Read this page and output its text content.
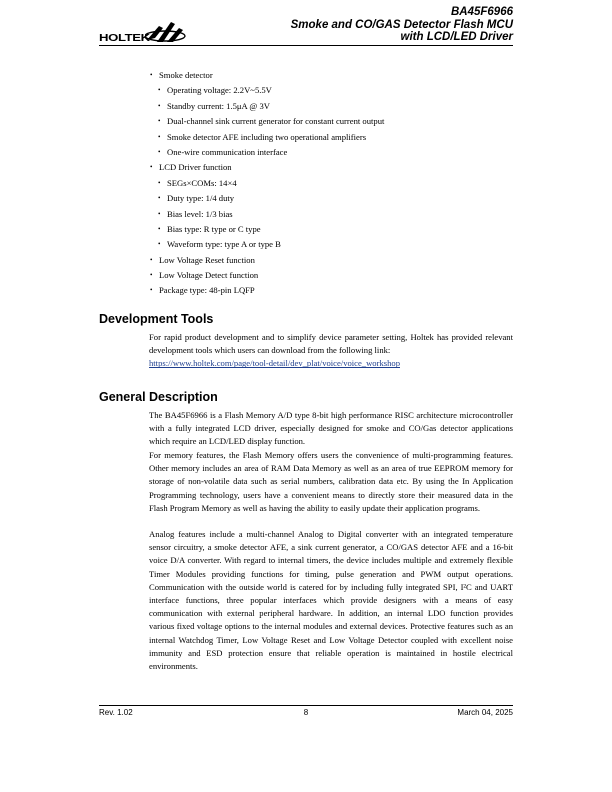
HOLTEK
BA45F6966
Smoke and CO/GAS Detector Flash MCU
with LCD/LED Driver
• Smoke detector
• Operating voltage: 2.2V~5.5V
• Standby current: 1.5μA @ 3V
• Dual-channel sink current generator for constant current output
• Smoke detector AFE including two operational amplifiers
• One-wire communication interface
• LCD Driver function
• SEGs×COMs: 14×4
• Duty type: 1/4 duty
• Bias level: 1/3 bias
• Bias type: R type or C type
• Waveform type: type A or type B
• Low Voltage Reset function
• Low Voltage Detect function
• Package type: 48-pin LQFP
Development Tools
For rapid product development and to simplify device parameter setting, Holtek has provided relevant development tools which users can download from the following link:
https://www.holtek.com/page/tool-detail/dev_plat/voice/voice_workshop
General Description
The BA45F6966 is a Flash Memory A/D type 8-bit high performance RISC architecture microcontroller with a fully integrated LCD driver, especially designed for smoke and CO/Gas detector applications which require an LCD/LED display function.
For memory features, the Flash Memory offers users the convenience of multi-programming features. Other memory includes an area of RAM Data Memory as well as an area of true EEPROM memory for storage of non-volatile data such as serial numbers, calibration data etc. By using the In Application Programming technology, users have a convenient means to directly store their measured data in the Flash Program Memory as well as having the ability to easily update their application programs.
Analog features include a multi-channel Analog to Digital converter with an integrated temperature sensor circuitry, a smoke detector AFE, a sink current generator, a CO/GAS detector AFE and a 16-bit voice D/A converter. With regard to internal timers, the device includes multiple and extremely flexible Timer Modules providing functions for timing, pulse generation and PWM output operations. Communication with the outside world is catered for by including fully integrated SPI, I²C and UART interface functions, three popular interfaces which provide designers with a means of easy communication with external peripheral hardware. In addition, an internal LDO function provides various fixed voltage options to the internal modules and external devices. Protective features such as an internal Watchdog Timer, Low Voltage Reset and Low Voltage Detector coupled with excellent noise immunity and ESD protection ensure that reliable operation is maintained in hostile electrical environments.
Rev. 1.02	8	March 04, 2025
